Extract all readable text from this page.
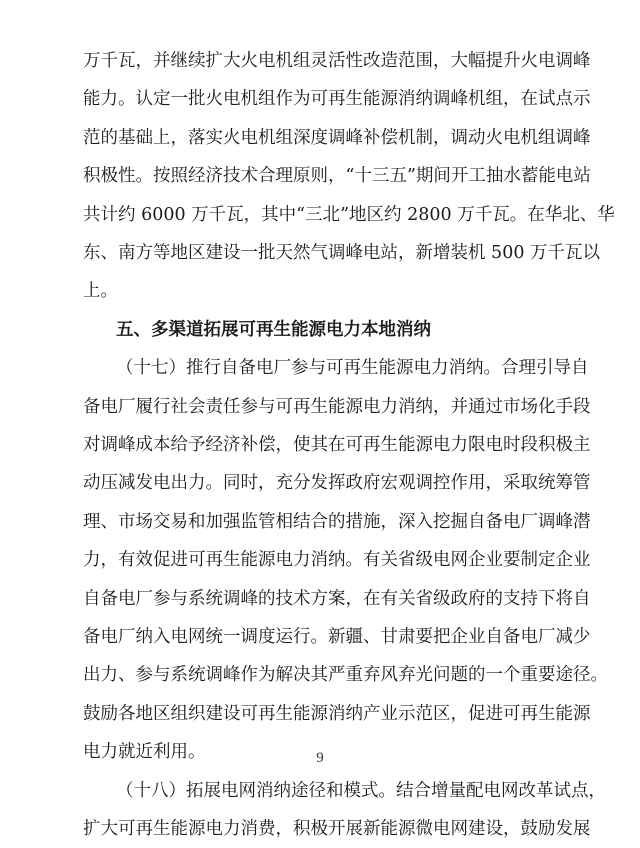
万千瓦，并继续扩大火电机组灵活性改造范围，大幅提升火电调峰
能力。认定一批火电机组作为可再生能源消纳调峰机组，在试点示
范的基础上，落实火电机组深度调峰补偿机制，调动火电机组调峰
积极性。按照经济技术合理原则，“十三五”期间开工抽水蓄能电站
共计约 6000 万千瓦，其中“三北”地区约 2800 万千瓦。在华北、华
东、南方等地区建设一批天然气调峰电站，新增装机 500 万千瓦以
上。
五、多渠道拓展可再生能源电力本地消纳
（十七）推行自备电厂参与可再生能源电力消纳。合理引导自
备电厂履行社会责任参与可再生能源电力消纳，并通过市场化手段
对调峰成本给予经济补偿，使其在可再生能源电力限电时段积极主
动压减发电出力。同时，充分发挥政府宏观调控作用，采取统筹管
理、市场交易和加强监管相结合的措施，深入挖掘自备电厂调峰潜
力，有效促进可再生能源电力消纳。有关省级电网企业要制定企业
自备电厂参与系统调峰的技术方案，在有关省级政府的支持下将自
备电厂纳入电网统一调度运行。新疆、甘肃要把企业自备电厂减少
出力、参与系统调峰作为解决其严重弃风弃光问题的一个重要途径。
鼓励各地区组织建设可再生能源消纳产业示范区，促进可再生能源
电力就近利用。
（十八）拓展电网消纳途径和模式。结合增量配电网改革试点，
扩大可再生能源电力消费，积极开展新能源微电网建设，鼓励发展
9
